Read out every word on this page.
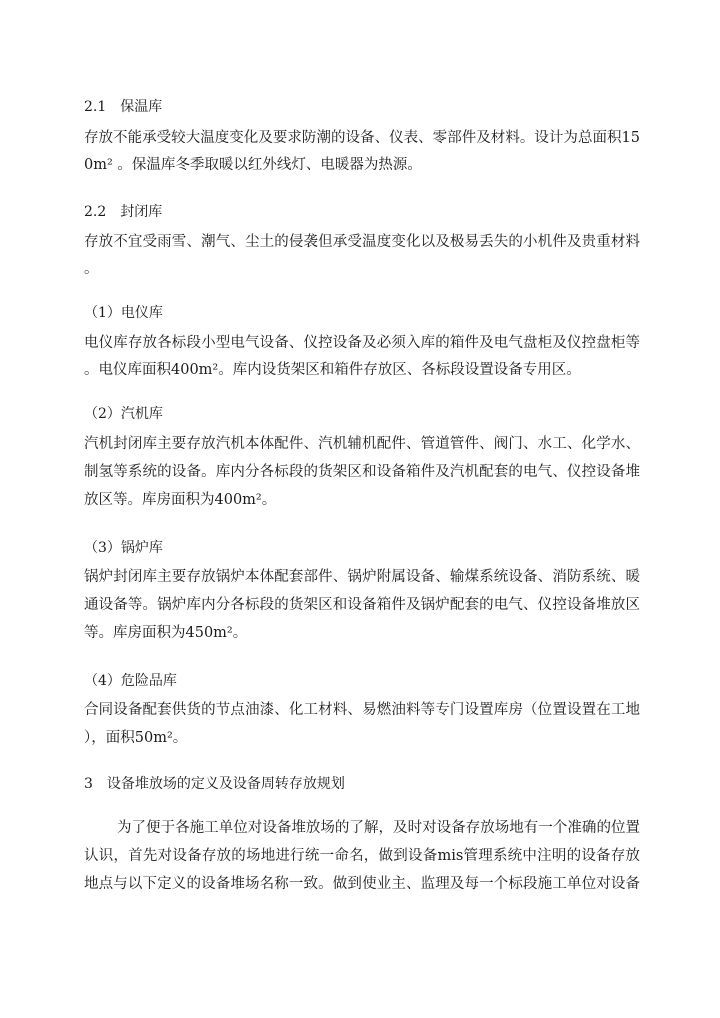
2.1　保温库
存放不能承受较大温度变化及要求防潮的设备、仪表、零部件及材料。设计为总面积15
0m² 。保温库冬季取暖以红外线灯、电暖器为热源。
2.2　封闭库
存放不宜受雨雪、潮气、尘土的侵袭但承受温度变化以及极易丢失的小机件及贵重材料
。
（1）电仪库
电仪库存放各标段小型电气设备、仪控设备及必须入库的箱件及电气盘柜及仪控盘柜等
。电仪库面积400m²。库内设货架区和箱件存放区、各标段设置设备专用区。
（2）汽机库
汽机封闭库主要存放汽机本体配件、汽机辅机配件、管道管件、阀门、水工、化学水、
制氢等系统的设备。库内分各标段的货架区和设备箱件及汽机配套的电气、仪控设备堆
放区等。库房面积为400m²。
（3）锅炉库
锅炉封闭库主要存放锅炉本体配套部件、锅炉附属设备、输煤系统设备、消防系统、暖
通设备等。锅炉库内分各标段的货架区和设备箱件及锅炉配套的电气、仪控设备堆放区
等。库房面积为450m²。
（4）危险品库
合同设备配套供货的节点油漆、化工材料、易燃油料等专门设置库房（位置设置在工地
），面积50m²。
3　设备堆放场的定义及设备周转存放规划
为了便于各施工单位对设备堆放场的了解，及时对设备存放场地有一个准确的位置
认识，首先对设备存放的场地进行统一命名，做到设备mis管理系统中注明的设备存放
地点与以下定义的设备堆场名称一致。做到使业主、监理及每一个标段施工单位对设备
